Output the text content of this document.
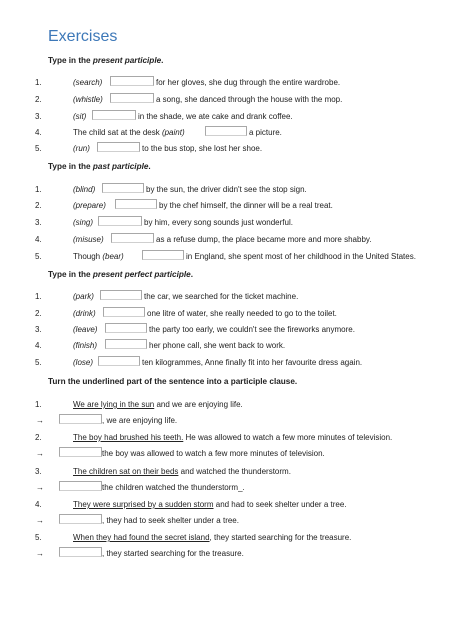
Exercises
Type in the present participle.
1.	(search)	for her gloves, she dug through the entire wardrobe.
2.	(whistle)	a song, she danced through the house with the mop.
3.	(sit)	in the shade, we ate cake and drank coffee.
4.	The child sat at the desk (paint)	a picture.
5.	(run)	to the bus stop, she lost her shoe.
Type in the past participle.
1.	(blind)	by the sun, the driver didn't see the stop sign.
2.	(prepare)	by the chef himself, the dinner will be a real treat.
3.	(sing)	by him, every song sounds just wonderful.
4.	(misuse)	as a refuse dump, the place became more and more shabby.
5.	Though (bear)	in England, she spent most of her childhood in the United States.
Type in the present perfect participle.
1.	(park)	the car, we searched for the ticket machine.
2.	(drink)	one litre of water, she really needed to go to the toilet.
3.	(leave)	the party too early, we couldn't see the fireworks anymore.
4.	(finish)	her phone call, she went back to work.
5.	(lose)	ten kilogrammes, Anne finally fit into her favourite dress again.
Turn the underlined part of the sentence into a participle clause.
1.	We are lying in the sun and we are enjoying life.
→	, we are enjoying life.
2.	The boy had brushed his teeth. He was allowed to watch a few more minutes of television.
→	the boy was allowed to watch a few more minutes of television.
3.	The children sat on their beds and watched the thunderstorm.
→	the children watched the thunderstorm_.
4.	They were surprised by a sudden storm and had to seek shelter under a tree.
→	, they had to seek shelter under a tree.
5.	When they had found the secret island, they started searching for the treasure.
→	, they started searching for the treasure.
